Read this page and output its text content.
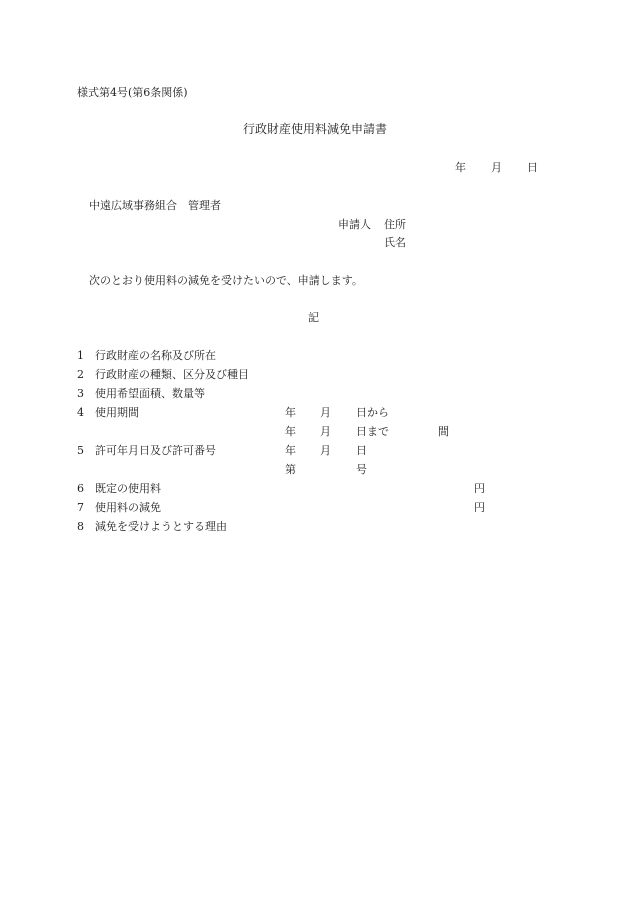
様式第4号(第6条関係)
行政財産使用料減免申請書
年 月 日
中遠広域事務組合　管理者
申請人 住所
氏名
次のとおり使用料の減免を受けたいので、申請します。
記
1
2
3
4
5
6
7
8
行政財産の名称及び所在
行政財産の種類、区分及び種目
使用希望面積、数量等
使用期間
許可年月日及び許可番号
既定の使用料
使用料の減免
減免を受けようとする理由
年 月 日から
年 月 日まで	間
年 月 日
第	号
円
円
